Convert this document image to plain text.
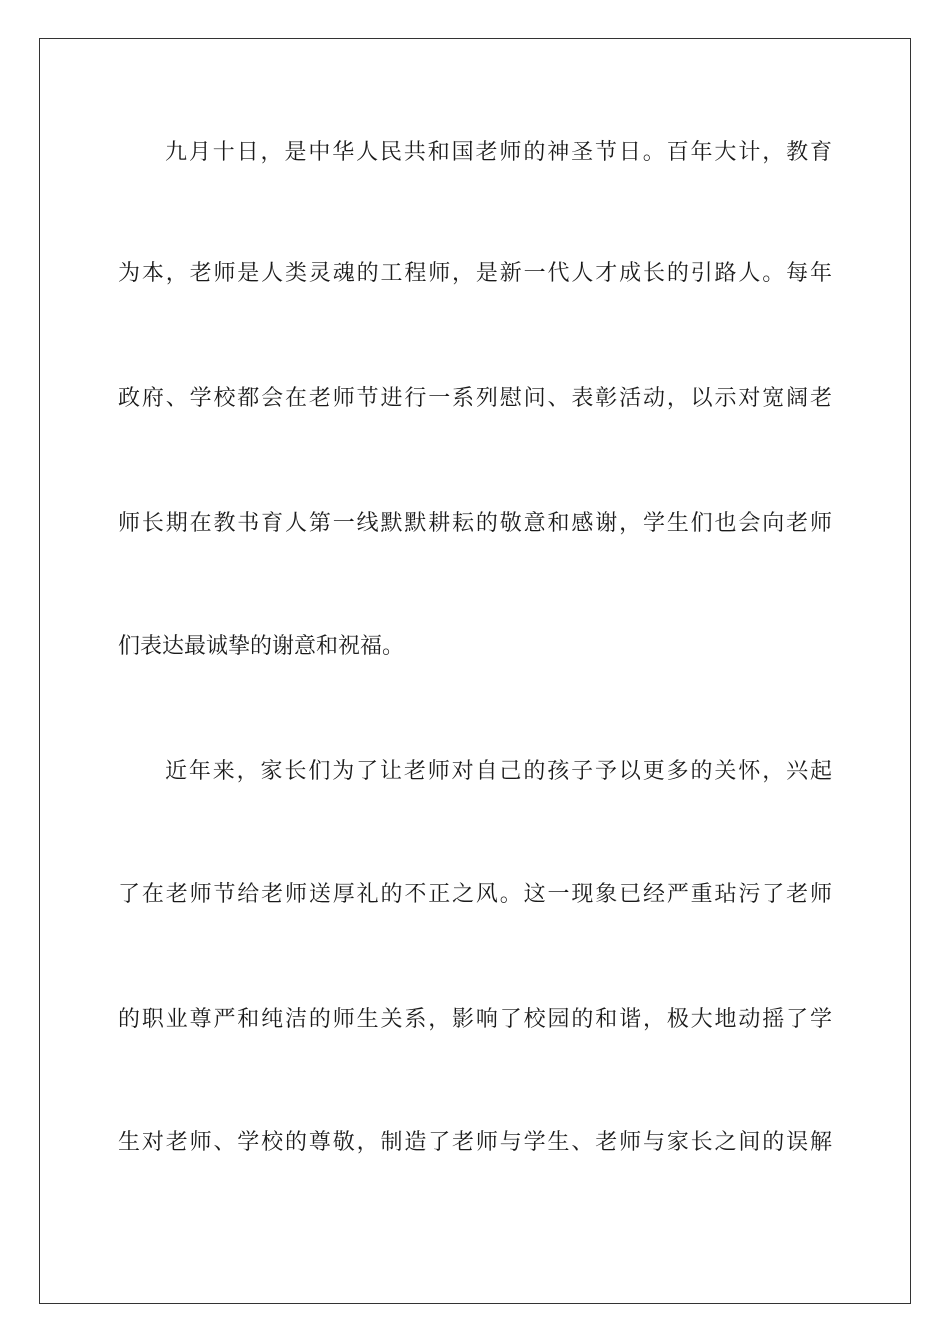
九月十日，是中华人民共和国老师的神圣节日。百年大计，教育
为本，老师是人类灵魂的工程师，是新一代人才成长的引路人。每年
政府、学校都会在老师节进行一系列慰问、表彰活动，以示对宽阔老
师长期在教书育人第一线默默耕耘的敬意和感谢，学生们也会向老师
们表达最诚挚的谢意和祝福。
近年来，家长们为了让老师对自己的孩子予以更多的关怀，兴起
了在老师节给老师送厚礼的不正之风。这一现象已经严重玷污了老师
的职业尊严和纯洁的师生关系，影响了校园的和谐，极大地动摇了学
生对老师、学校的尊敬，制造了老师与学生、老师与家长之间的误解
